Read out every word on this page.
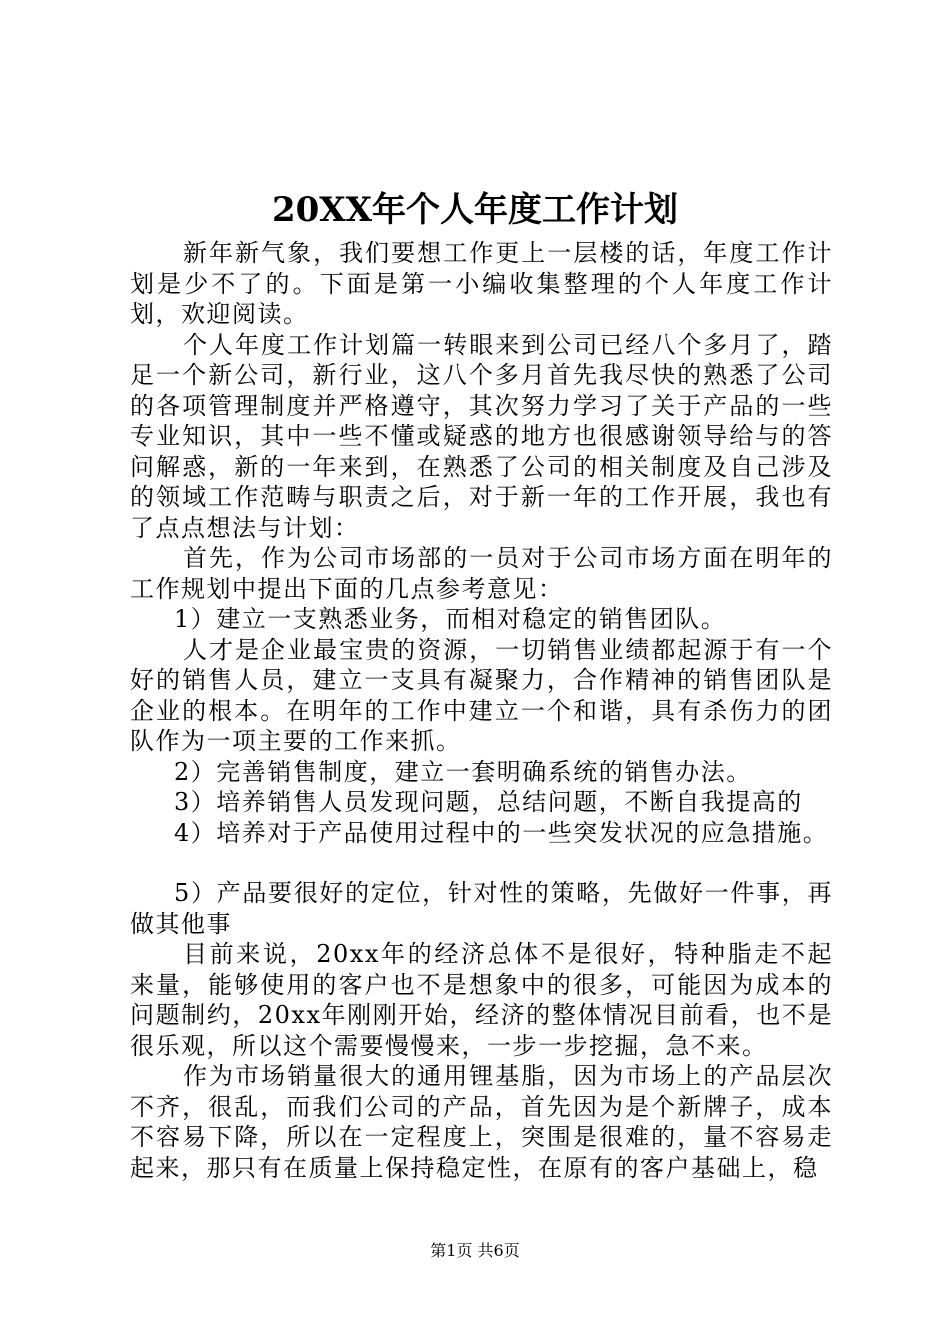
20XX年个人年度工作计划

新年新气象，我们要想工作更上一层楼的话，年度工作计划是少不了的。下面是第一小编收集整理的个人年度工作计划，欢迎阅读。

个人年度工作计划篇一转眼来到公司已经八个多月了，踏足一个新公司，新行业，这八个多月首先我尽快的熟悉了公司的各项管理制度并严格遵守，其次努力学习了关于产品的一些专业知识，其中一些不懂或疑惑的地方也很感谢领导给与的答问解惑，新的一年来到，在熟悉了公司的相关制度及自己涉及的领域工作范畴与职责之后，对于新一年的工作开展，我也有了点点想法与计划：

首先，作为公司市场部的一员对于公司市场方面在明年的工作规划中提出下面的几点参考意见：

1）建立一支熟悉业务，而相对稳定的销售团队。

人才是企业最宝贵的资源，一切销售业绩都起源于有一个好的销售人员，建立一支具有凝聚力，合作精神的销售团队是企业的根本。在明年的工作中建立一个和谐，具有杀伤力的团队作为一项主要的工作来抓。

2）完善销售制度，建立一套明确系统的销售办法。

3）培养销售人员发现问题，总结问题，不断自我提高的

4）培养对于产品使用过程中的一些突发状况的应急措施。

5）产品要很好的定位，针对性的策略，先做好一件事，再做其他事

目前来说，20xx年的经济总体不是很好，特种脂走不起来量，能够使用的客户也不是想象中的很多，可能因为成本的问题制约，20xx年刚刚开始，经济的整体情况目前看，也不是很乐观，所以这个需要慢慢来，一步一步挖掘，急不来。

作为市场销量很大的通用锂基脂，因为市场上的产品层次不齐，很乱，而我们公司的产品，首先因为是个新牌子，成本不容易下降，所以在一定程度上，突围是很难的，量不容易走起来，那只有在质量上保持稳定性，在原有的客户基础上，稳

第1页 共6页
